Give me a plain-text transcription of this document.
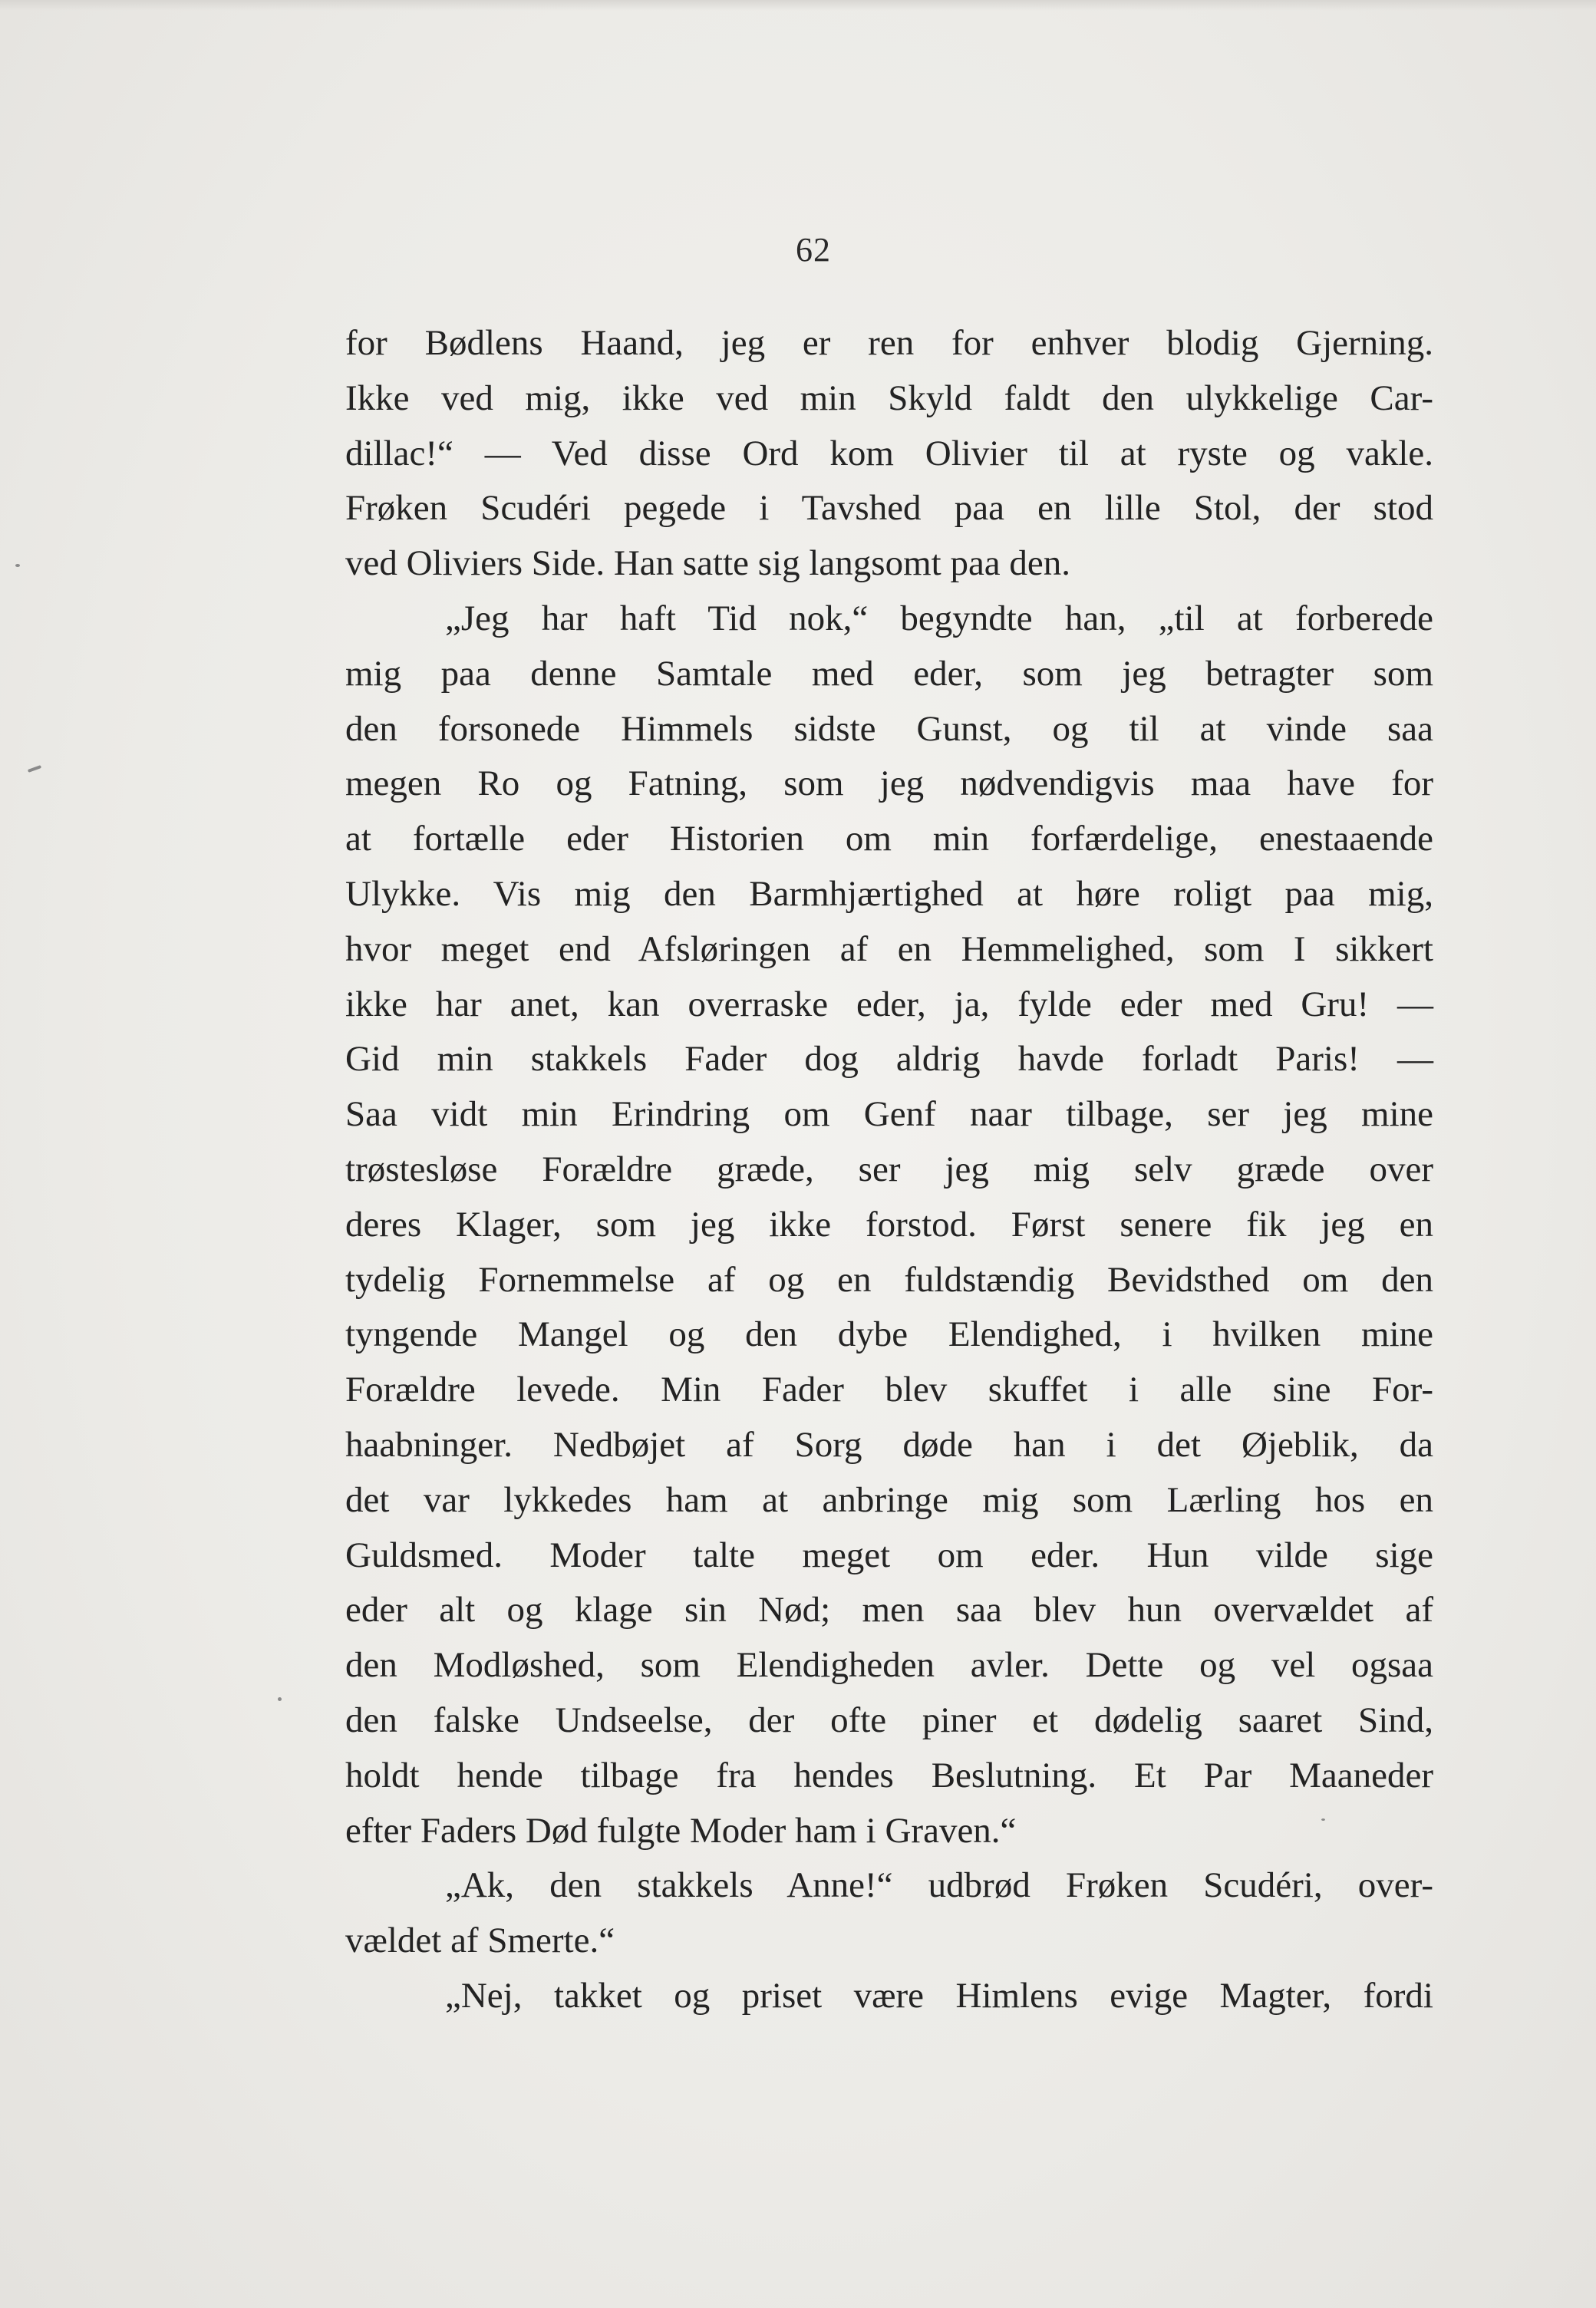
62
for Bødlens Haand, jeg er ren for enhver blodig Gjerning.
Ikke ved mig, ikke ved min Skyld faldt den ulykkelige Car-
dillac!“ — Ved disse Ord kom Olivier til at ryste og vakle.
Frøken Scudéri pegede i Tavshed paa en lille Stol, der stod
ved Oliviers Side. Han satte sig langsomt paa den.
„Jeg har haft Tid nok,“ begyndte han, „til at forberede
mig paa denne Samtale med eder, som jeg betragter som
den forsonede Himmels sidste Gunst, og til at vinde saa
megen Ro og Fatning, som jeg nødvendigvis maa have for
at fortælle eder Historien om min forfærdelige, enestaaende
Ulykke. Vis mig den Barmhjærtighed at høre roligt paa mig,
hvor meget end Afsløringen af en Hemmelighed, som I sikkert
ikke har anet, kan overraske eder, ja, fylde eder med Gru! —
Gid min stakkels Fader dog aldrig havde forladt Paris! —
Saa vidt min Erindring om Genf naar tilbage, ser jeg mine
trøstesløse Forældre græde, ser jeg mig selv græde over
deres Klager, som jeg ikke forstod. Først senere fik jeg en
tydelig Fornemmelse af og en fuldstændig Bevidsthed om den
tyngende Mangel og den dybe Elendighed, i hvilken mine
Forældre levede. Min Fader blev skuffet i alle sine For-
haabninger. Nedbøjet af Sorg døde han i det Øjeblik, da
det var lykkedes ham at anbringe mig som Lærling hos en
Guldsmed. Moder talte meget om eder. Hun vilde sige
eder alt og klage sin Nød; men saa blev hun overvældet af
den Modløshed, som Elendigheden avler. Dette og vel ogsaa
den falske Undseelse, der ofte piner et dødelig saaret Sind,
holdt hende tilbage fra hendes Beslutning. Et Par Maaneder
efter Faders Død fulgte Moder ham i Graven.“
„Ak, den stakkels Anne!“ udbrød Frøken Scudéri, over-
vældet af Smerte.“
„Nej, takket og priset være Himlens evige Magter, fordi
